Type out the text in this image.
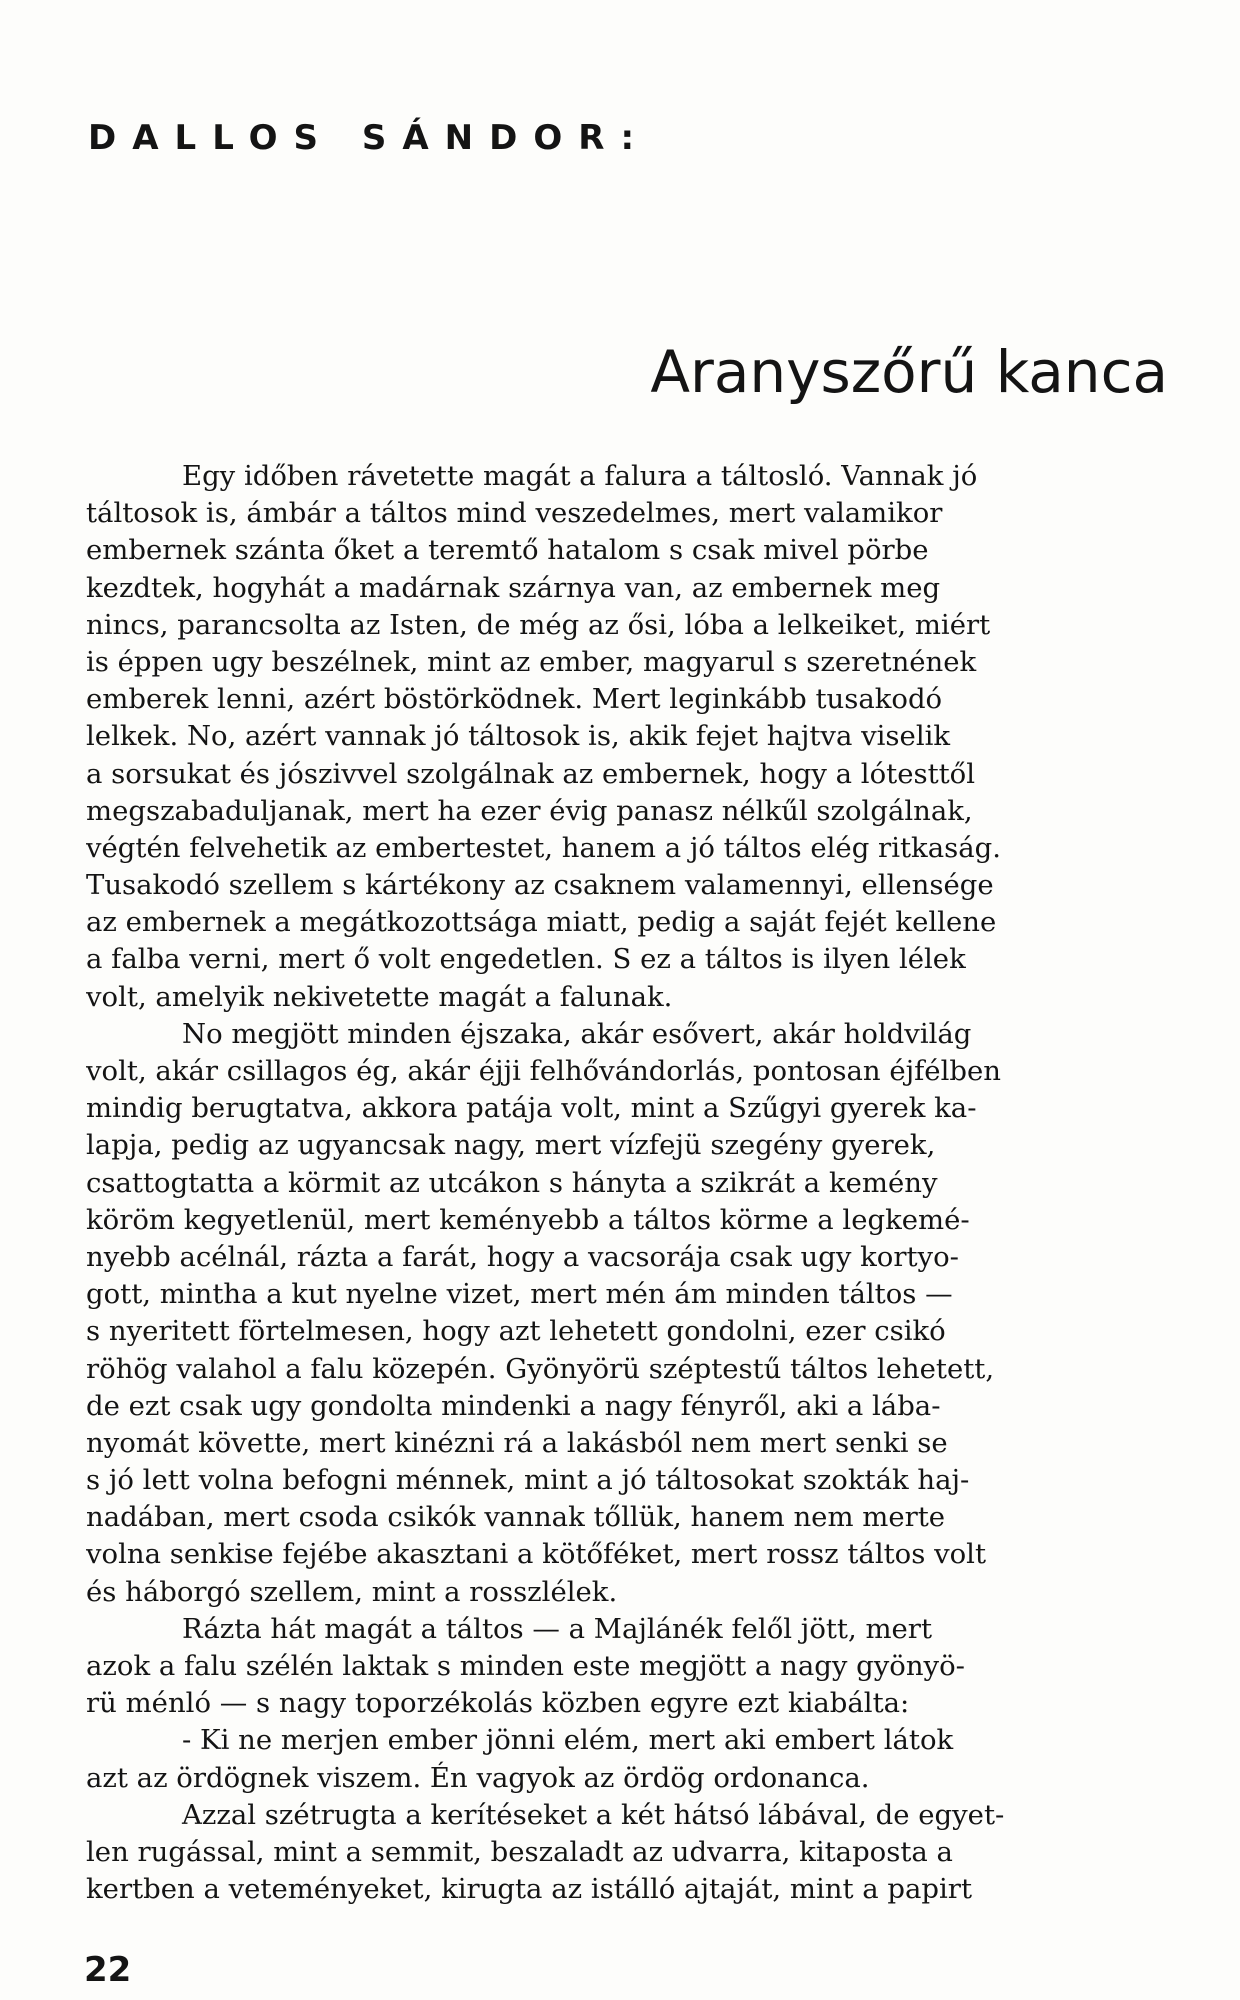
DALLOS SÁNDOR:
Aranyszőrű kanca
Egy időben rávetette magát a falura a táltosló. Vannak jó
táltosok is, ámbár a táltos mind veszedelmes, mert valamikor
embernek szánta őket a teremtő hatalom s csak mivel pörbe
kezdtek, hogyhát a madárnak szárnya van, az embernek meg
nincs, parancsolta az Isten, de még az ősi, lóba a lelkeiket, miért
is éppen ugy beszélnek, mint az ember, magyarul s szeretnének
emberek lenni, azért böstörködnek. Mert leginkább tusakodó
lelkek. No, azért vannak jó táltosok is, akik fejet hajtva viselik
a sorsukat és jószivvel szolgálnak az embernek, hogy a lótesttől
megszabaduljanak, mert ha ezer évig panasz nélkűl szolgálnak,
végtén felvehetik az embertestet, hanem a jó táltos elég ritkaság.
Tusakodó szellem s kártékony az csaknem valamennyi, ellensége
az embernek a megátkozottsága miatt, pedig a saját fejét kellene
a falba verni, mert ő volt engedetlen. S ez a táltos is ilyen lélek
volt, amelyik nekivetette magát a falunak.
No megjött minden éjszaka, akár esővert, akár holdvilág
volt, akár csillagos ég, akár éjji felhővándorlás, pontosan éjfélben
mindig berugtatva, akkora patája volt, mint a Szűgyi gyerek ka-
lapja, pedig az ugyancsak nagy, mert vízfejü szegény gyerek,
csattogtatta a körmit az utcákon s hányta a szikrát a kemény
köröm kegyetlenül, mert keményebb a táltos körme a legkemé-
nyebb acélnál, rázta a farát, hogy a vacsorája csak ugy kortyo-
gott, mintha a kut nyelne vizet, mert mén ám minden táltos —
s nyeritett förtelmesen, hogy azt lehetett gondolni, ezer csikó
röhög valahol a falu közepén. Gyönyörü széptestű táltos lehetett,
de ezt csak ugy gondolta mindenki a nagy fényről, aki a lába-
nyomát követte, mert kinézni rá a lakásból nem mert senki se
s jó lett volna befogni ménnek, mint a jó táltosokat szokták haj-
nadában, mert csoda csikók vannak tőllük, hanem nem merte
volna senkise fejébe akasztani a kötőféket, mert rossz táltos volt
és háborgó szellem, mint a rosszlélek.
Rázta hát magát a táltos — a Majlánék felől jött, mert
azok a falu szélén laktak s minden este megjött a nagy gyönyö-
rü ménló — s nagy toporzékolás közben egyre ezt kiabálta:
- Ki ne merjen ember jönni elém, mert aki embert látok
azt az ördögnek viszem. Én vagyok az ördög ordonanca.
Azzal szétrugta a kerítéseket a két hátsó lábával, de egyet-
len rugással, mint a semmit, beszaladt az udvarra, kitaposta a
kertben a veteményeket, kirugta az istálló ajtaját, mint a papirt
22
